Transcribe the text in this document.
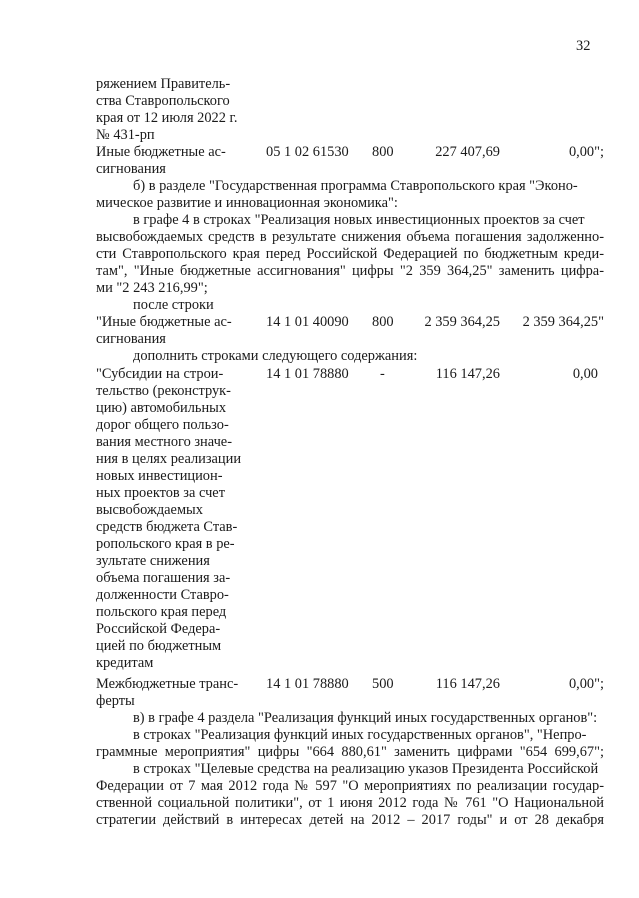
32
ряжением Правитель-
ства Ставропольского
края от 12 июля 2022 г.
№ 431-рп
Иные бюджетные ас-
сигнования
05 1 02 61530 800	227 407,69	0,00";
б) в разделе "Государственная программа Ставропольского края "Эконо-
мическое развитие и инновационная экономика":
в графе 4 в строках "Реализация новых инвестиционных проектов за счет
высвобождаемых средств в результате снижения объема погашения задолженно-
сти Ставропольского края перед Российской Федерацией по бюджетным креди-
там", "Иные бюджетные ассигнования" цифры "2 359 364,25" заменить цифра-
ми "2 243 216,99";
после строки
"Иные бюджетные ас-
сигнования
14 1 01 40090 800	2 359 364,25	2 359 364,25"
дополнить строками следующего содержания:
"Субсидии на строи-
тельство (реконструк-
цию) автомобильных
дорог общего пользо-
вания местного значе-
ния в целях реализации
новых инвестицион-
ных проектов за счет
высвобождаемых
средств бюджета Став-
ропольского края в ре-
зультате снижения
объема погашения за-
долженности Ставро-
польского края перед
Российской Федера-
цией по бюджетным
кредитам
14 1 01 78880 -	116 147,26	0,00
Межбюджетные транс-
ферты
14 1 01 78880 500	116 147,26	0,00";
в) в графе 4 раздела "Реализация функций иных государственных органов":
в строках "Реализация функций иных государственных органов", "Непро-
граммные мероприятия" цифры "664 880,61" заменить цифрами "654 699,67";
в строках "Целевые средства на реализацию указов Президента Российской
Федерации от 7 мая 2012 года № 597 "О мероприятиях по реализации государ-
ственной социальной политики", от 1 июня 2012 года № 761 "О Национальной
стратегии действий в интересах детей на 2012 – 2017 годы" и от 28 декабря
